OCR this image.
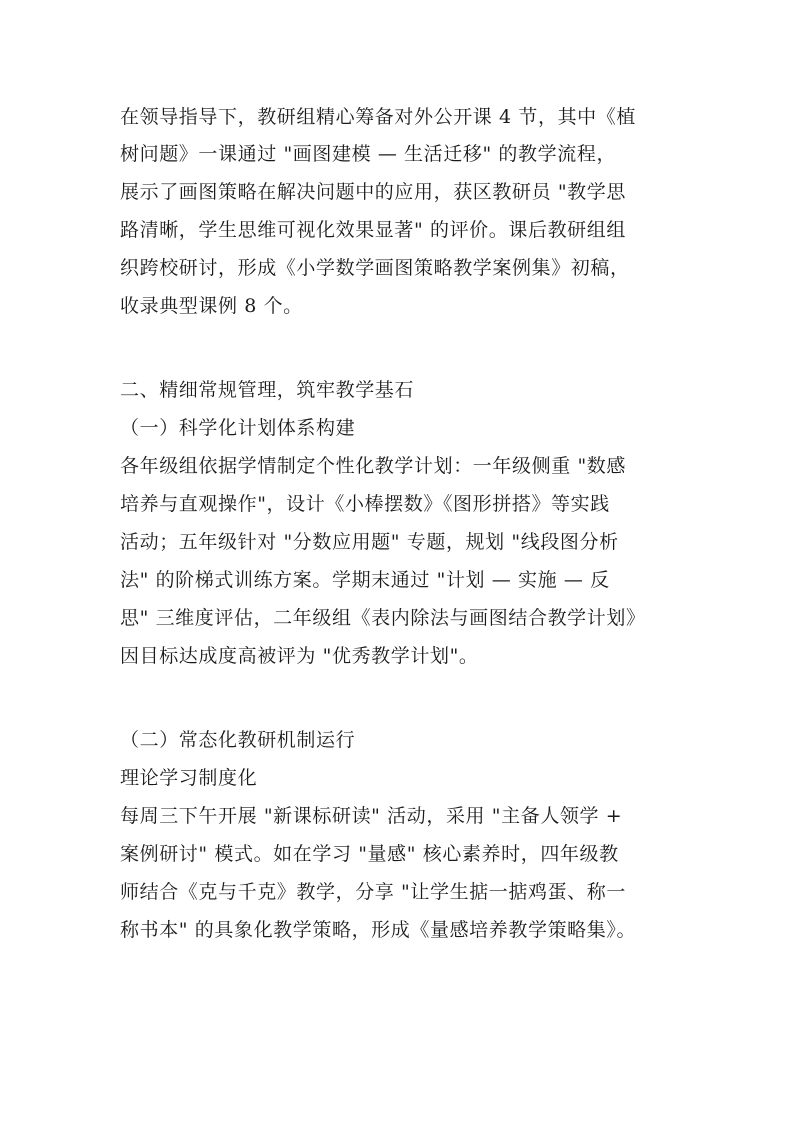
在领导指导下，教研组精心筹备对外公开课 4 节，其中《植
树问题》一课通过 "画图建模 — 生活迁移" 的教学流程，
展示了画图策略在解决问题中的应用，获区教研员 "教学思
路清晰，学生思维可视化效果显著" 的评价。课后教研组组
织跨校研讨，形成《小学数学画图策略教学案例集》初稿，
收录典型课例 8 个。
二、精细常规管理，筑牢教学基石
（一）科学化计划体系构建
各年级组依据学情制定个性化教学计划：一年级侧重 "数感
培养与直观操作"，设计《小棒摆数》《图形拼搭》等实践
活动；五年级针对 "分数应用题" 专题，规划 "线段图分析
法" 的阶梯式训练方案。学期末通过 "计划 — 实施 — 反
思" 三维度评估，二年级组《表内除法与画图结合教学计划》
因目标达成度高被评为 "优秀教学计划"。
（二）常态化教研机制运行
理论学习制度化
每周三下午开展 "新课标研读" 活动，采用 "主备人领学 +
案例研讨" 模式。如在学习 "量感" 核心素养时，四年级教
师结合《克与千克》教学，分享 "让学生掂一掂鸡蛋、称一
称书本" 的具象化教学策略，形成《量感培养教学策略集》。
